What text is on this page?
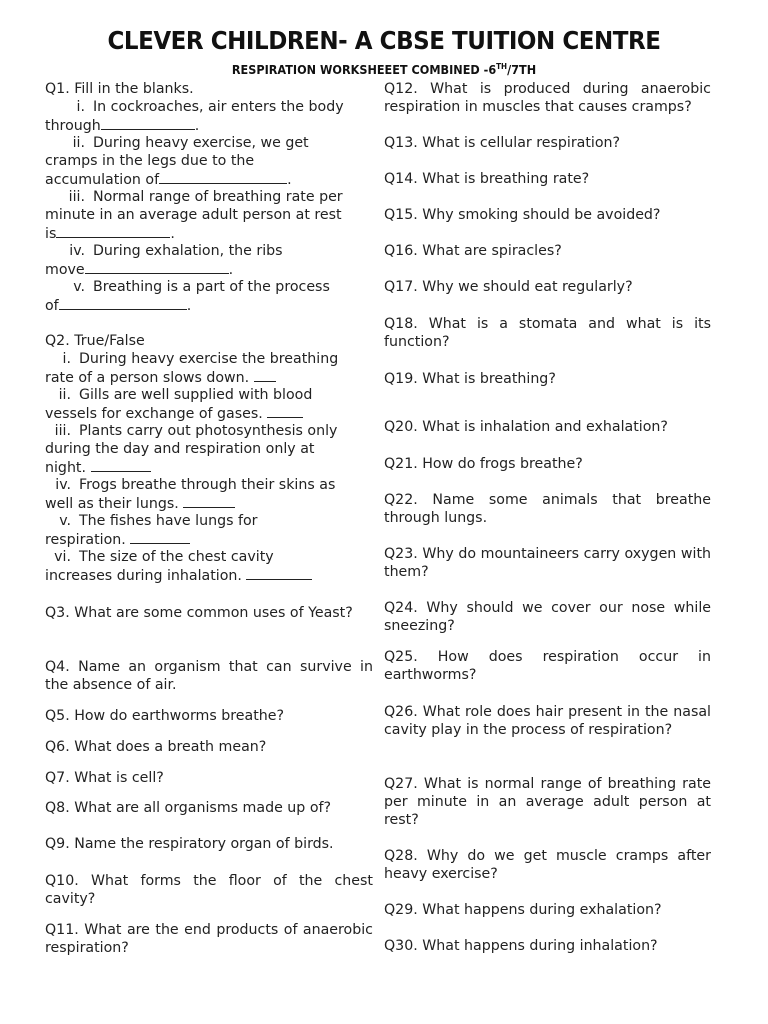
CLEVER CHILDREN- A CBSE TUITION CENTRE
RESPIRATION WORKSHEEET COMBINED -6TH/7TH
Q1. Fill in the blanks.
i. In cockroaches, air enters the body
through	.
ii. During heavy exercise, we get
cramps in the legs due to the
accumulation of	.
iii. Normal range of breathing rate per
minute in an average adult person at rest
is	.
iv. During exhalation, the ribs
move	.
v. Breathing is a part of the process
of	.
Q2. True/False
i. During heavy exercise the breathing
rate of a person slows down.
ii. Gills are well supplied with blood
vessels for exchange of gases.
iii. Plants carry out photosynthesis only
during the day and respiration only at
night.
iv. Frogs breathe through their skins as
well as their lungs.
v. The fishes have lungs for
respiration.
vi. The size of the chest cavity
increases during inhalation.
Q3. What are some common uses of Yeast?
Q4. Name an organism that can survive in the absence of air.
Q5. How do earthworms breathe?
Q6. What does a breath mean?
Q7. What is cell?
Q8. What are all organisms made up of?
Q9. Name the respiratory organ of birds.
Q10. What forms the floor of the chest cavity?
Q11. What are the end products of anaerobic respiration?
Q12. What is produced during anaerobic respiration in muscles that causes cramps?
Q13. What is cellular respiration?
Q14. What is breathing rate?
Q15. Why smoking should be avoided?
Q16. What are spiracles?
Q17. Why we should eat regularly?
Q18. What is a stomata and what is its function?
Q19. What is breathing?
Q20. What is inhalation and exhalation?
Q21. How do frogs breathe?
Q22. Name some animals that breathe through lungs.
Q23. Why do mountaineers carry oxygen with them?
Q24. Why should we cover our nose while sneezing?
Q25. How does respiration occur in earthworms?
Q26. What role does hair present in the nasal cavity play in the process of respiration?
Q27. What is normal range of breathing rate per minute in an average adult person at rest?
Q28. Why do we get muscle cramps after heavy exercise?
Q29. What happens during exhalation?
Q30. What happens during inhalation?
